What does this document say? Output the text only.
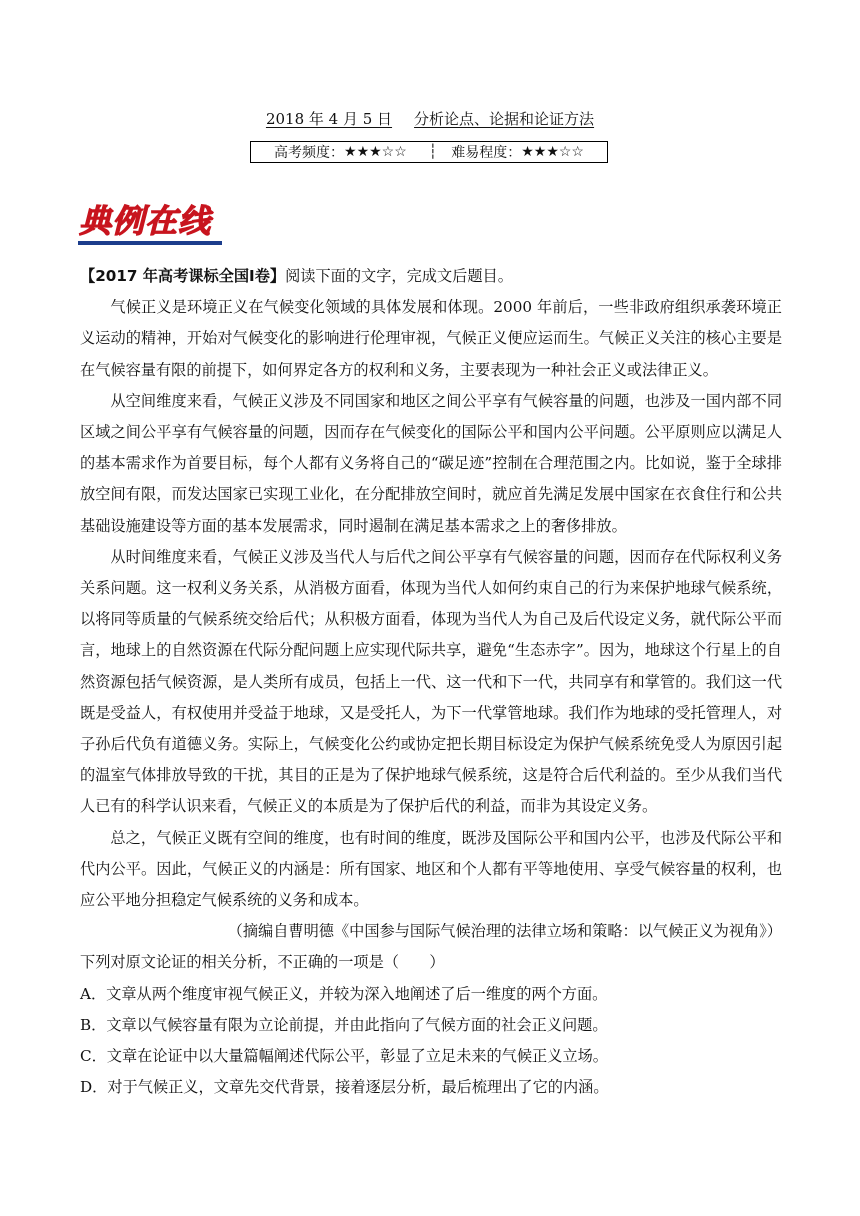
2018 年 4 月 5 日 分析论点、论据和论证方法
高考频度： ★★★☆☆ ┆ 难易程度： ★★★☆☆
典例在线

【2017 年高考课标全国Ⅰ卷】阅读下面的文字，完成文后题目。

气候正义是环境正义在气候变化领域的具体发展和体现。2000 年前后，一些非政府组织承袭环境正义运动的精神，开始对气候变化的影响进行伦理审视，气候正义便应运而生。气候正义关注的核心主要是在气候容量有限的前提下，如何界定各方的权利和义务，主要表现为一种社会正义或法律正义。

从空间维度来看，气候正义涉及不同国家和地区之间公平享有气候容量的问题，也涉及一国内部不同区域之间公平享有气候容量的问题，因而存在气候变化的国际公平和国内公平问题。公平原则应以满足人的基本需求作为首要目标，每个人都有义务将自己的“碳足迹”控制在合理范围之内。比如说，鉴于全球排放空间有限，而发达国家已实现工业化，在分配排放空间时，就应首先满足发展中国家在衣食住行和公共基础设施建设等方面的基本发展需求，同时遏制在满足基本需求之上的奢侈排放。

从时间维度来看，气候正义涉及当代人与后代之间公平享有气候容量的问题，因而存在代际权利义务关系问题。这一权利义务关系，从消极方面看，体现为当代人如何约束自己的行为来保护地球气候系统，以将同等质量的气候系统交给后代；从积极方面看，体现为当代人为自己及后代设定义务，就代际公平而言，地球上的自然资源在代际分配问题上应实现代际共享，避免“生态赤字”。因为，地球这个行星上的自然资源包括气候资源，是人类所有成员，包括上一代、这一代和下一代，共同享有和掌管的。我们这一代既是受益人，有权使用并受益于地球，又是受托人，为下一代掌管地球。我们作为地球的受托管理人，对子孙后代负有道德义务。实际上，气候变化公约或协定把长期目标设定为保护气候系统免受人为原因引起的温室气体排放导致的干扰，其目的正是为了保护地球气候系统，这是符合后代利益的。至少从我们当代人已有的科学认识来看，气候正义的本质是为了保护后代的利益，而非为其设定义务。

总之，气候正义既有空间的维度，也有时间的维度，既涉及国际公平和国内公平，也涉及代际公平和代内公平。因此，气候正义的内涵是：所有国家、地区和个人都有平等地使用、享受气候容量的权利，也应公平地分担稳定气候系统的义务和成本。

（摘编自曹明德《中国参与国际气候治理的法律立场和策略：以气候正义为视角》）

下列对原文论证的相关分析，不正确的一项是（　　）

A．文章从两个维度审视气候正义，并较为深入地阐述了后一维度的两个方面。

B．文章以气候容量有限为立论前提，并由此指向了气候方面的社会正义问题。

C．文章在论证中以大量篇幅阐述代际公平，彰显了立足未来的气候正义立场。

D．对于气候正义，文章先交代背景，接着逐层分析，最后梳理出了它的内涵。
